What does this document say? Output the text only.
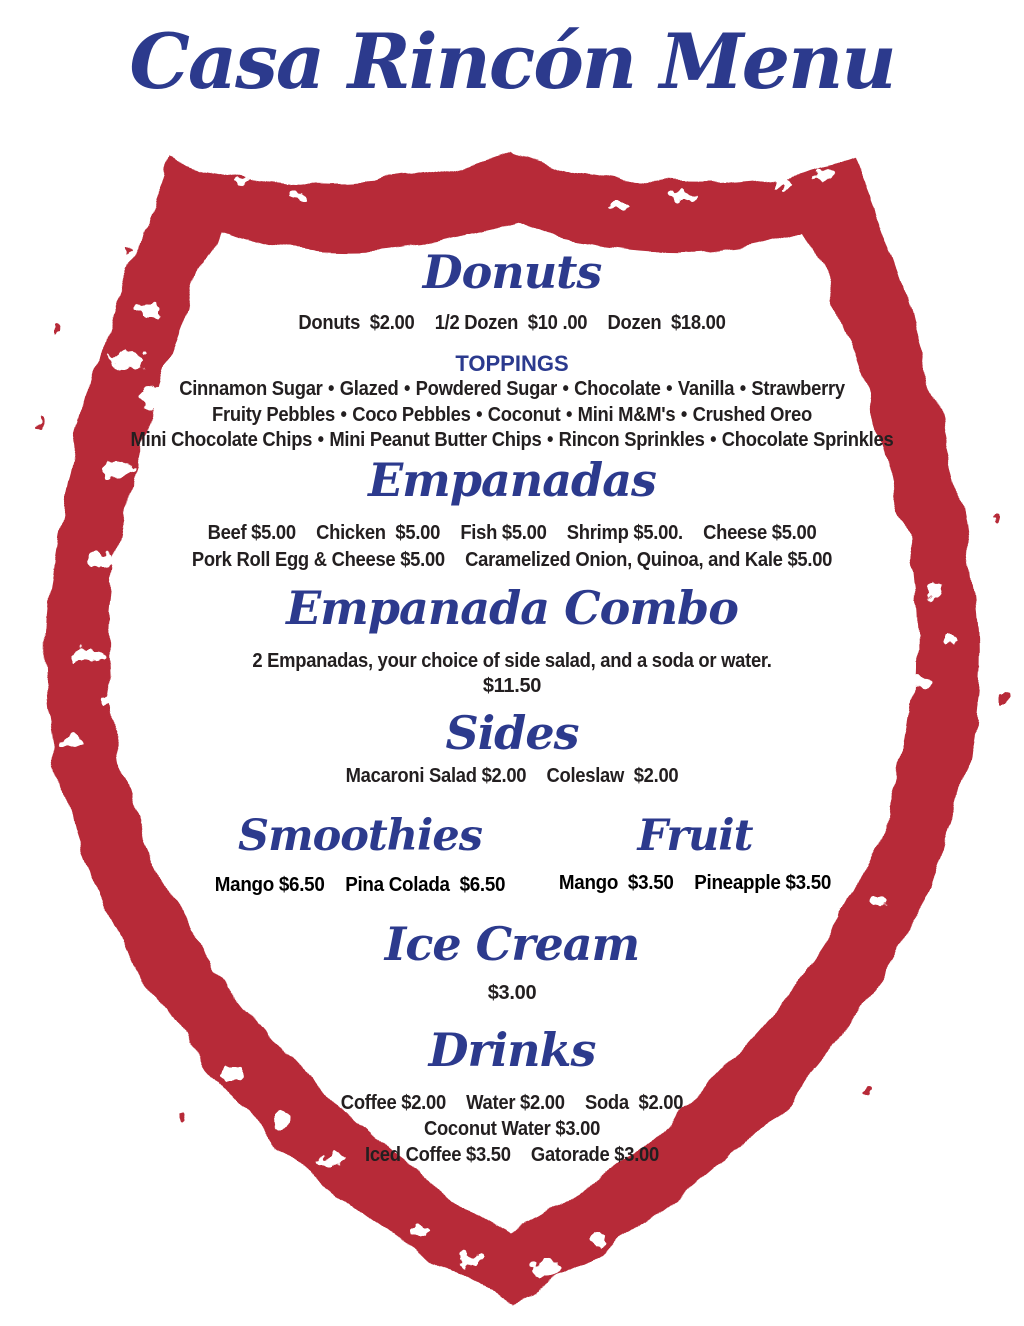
Casa Rincón Menu
Donuts
Donuts  $2.00 1/2 Dozen  $10 .00 Dozen  $18.00
TOPPINGS
Cinnamon Sugar • Glazed • Powdered Sugar • Chocolate • Vanilla • Strawberry
Fruity Pebbles • Coco Pebbles • Coconut • Mini M&M's • Crushed Oreo
Mini Chocolate Chips • Mini Peanut Butter Chips • Rincon Sprinkles • Chocolate Sprinkles
Empanadas
Beef $5.00 Chicken  $5.00 Fish $5.00 Shrimp $5.00. Cheese $5.00
Pork Roll Egg & Cheese $5.00 Caramelized Onion, Quinoa, and Kale $5.00
Empanada Combo
2 Empanadas, your choice of side salad, and a soda or water.
$11.50
Sides
Macaroni Salad $2.00 Coleslaw  $2.00
Smoothies
Mango $6.50 Pina Colada  $6.50
Fruit
Mango  $3.50 Pineapple $3.50
Ice Cream
$3.00
Drinks
Coffee $2.00 Water $2.00 Soda  $2.00
Coconut Water $3.00
Iced Coffee $3.50 Gatorade $3.00
